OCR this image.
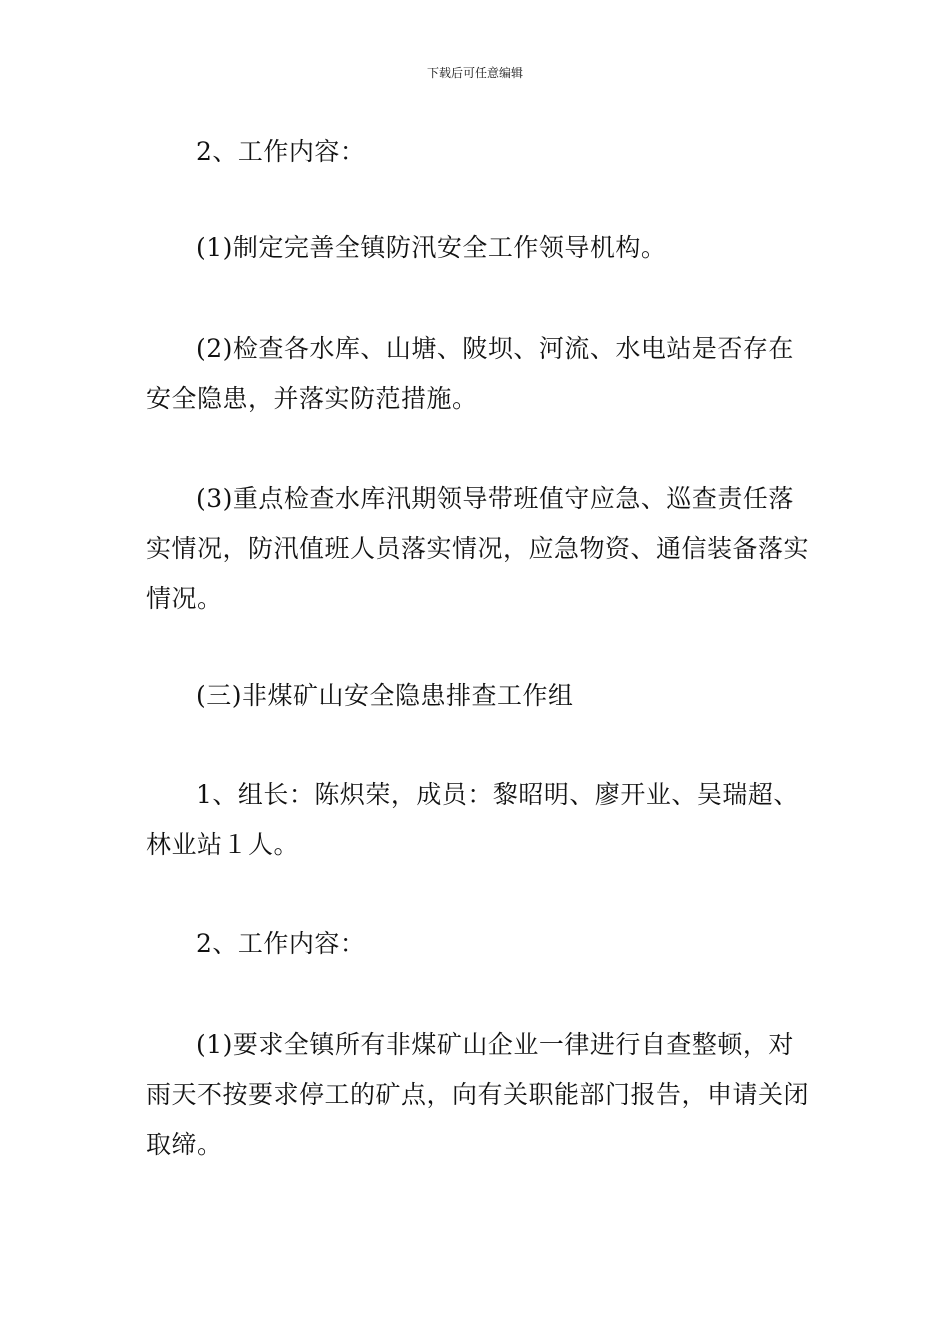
下载后可任意编辑

2、工作内容：

(1)制定完善全镇防汛安全工作领导机构。

(2)检查各水库、山塘、陂坝、河流、水电站是否存在安全隐患，并落实防范措施。

(3)重点检查水库汛期领导带班值守应急、巡查责任落实情况，防汛值班人员落实情况，应急物资、通信装备落实情况。

(三)非煤矿山安全隐患排查工作组

1、组长：陈炽荣，成员：黎昭明、廖开业、吴瑞超、林业站１人。

2、工作内容：

(1)要求全镇所有非煤矿山企业一律进行自查整顿，对雨天不按要求停工的矿点，向有关职能部门报告，申请关闭取缔。
